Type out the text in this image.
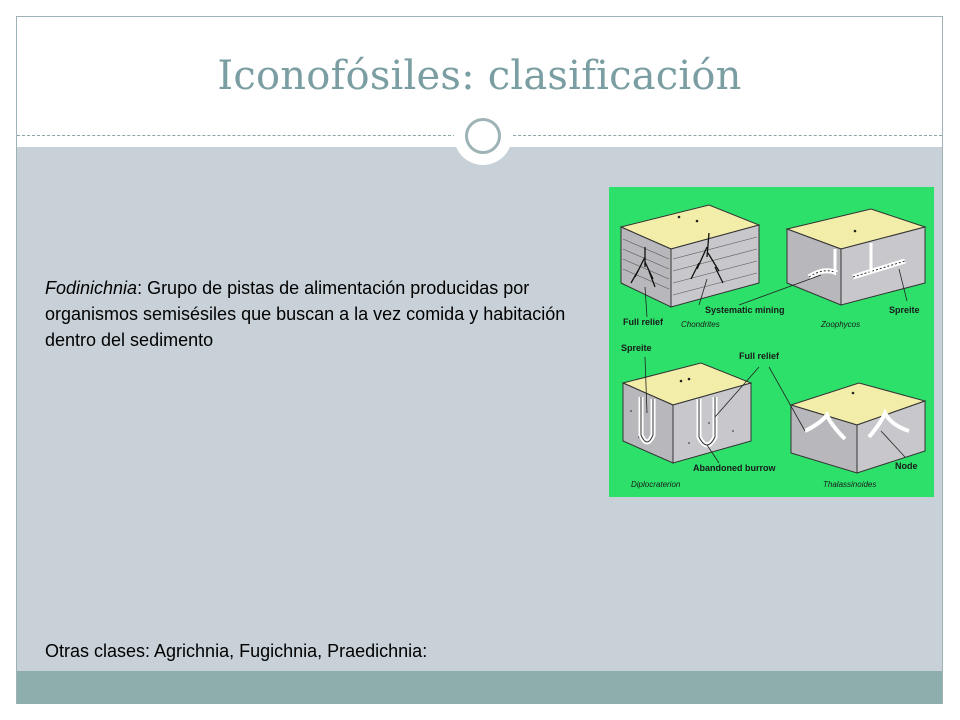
Iconofósiles: clasificación
Fodinichnia: Grupo de pistas de alimentación producidas por organismos semisésiles que buscan a la vez comida y habitación dentro del sedimento
Otras clases: Agrichnia, Fugichnia, Praedichnia:
Full relief
Systematic mining	Spreite
Chondrites	Zoophycos
Spreite
Full relief
Abandoned burrow	Node
Diplocraterion	Thalassinoides
